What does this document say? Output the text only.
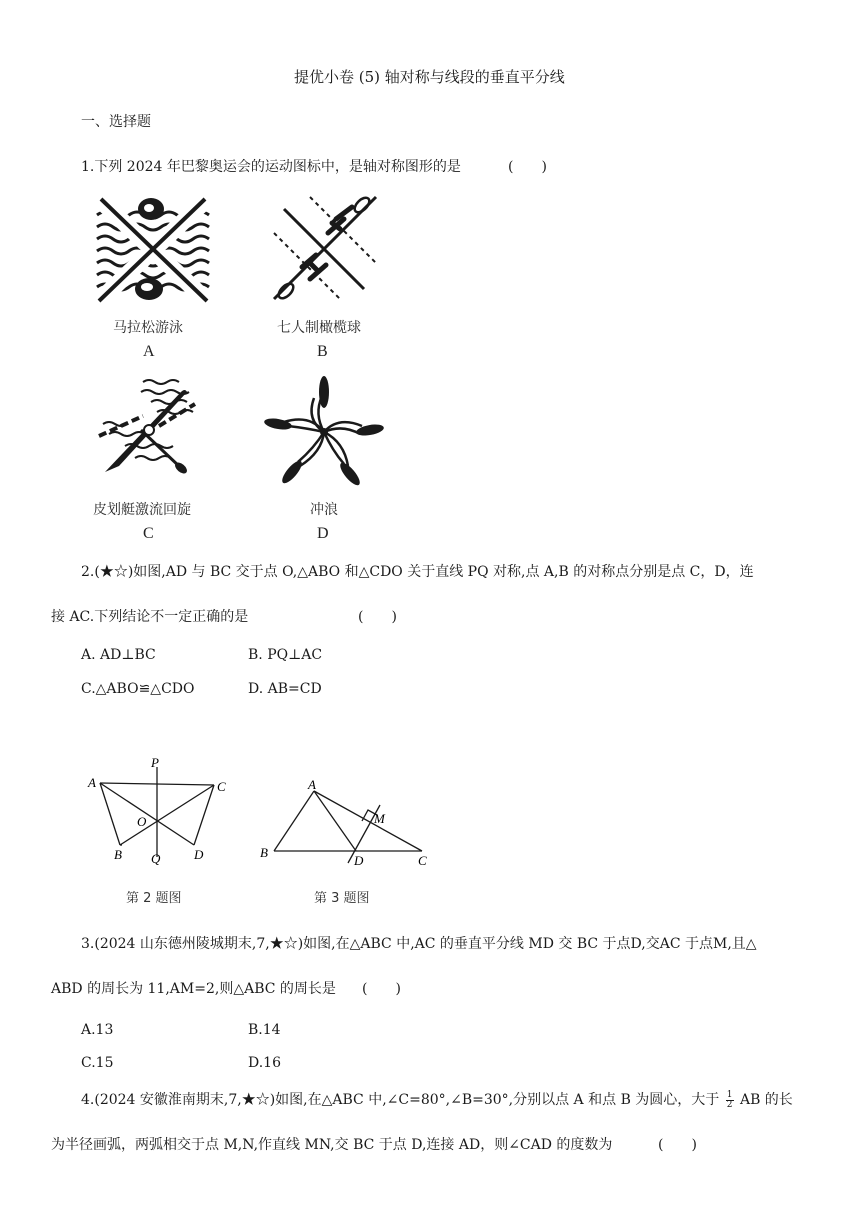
提优小卷 (5) 轴对称与线段的垂直平分线
一、选择题
1.下列 2024 年巴黎奥运会的运动图标中，是轴对称图形的是	(　　)
马拉松游泳
A
七人制橄榄球
B
皮划艇激流回旋
C
冲浪
D
2.(★☆)如图,AD 与 BC 交于点 O,△ABO 和△CDO 关于直线 PQ 对称,点 A,B 的对称点分别是点 C，D，连
接 AC.下列结论不一定正确的是	(　　)
A. AD⊥BC	B. PQ⊥AC
C.△ABO≌△CDO	D. AB=CD
A	C
B	D
O
P
Q
第 2 题图
A
B
C
D
M
第 3 题图
3.(2024 山东德州陵城期末,7,★☆)如图,在△ABC 中,AC 的垂直平分线 MD 交 BC 于点D,交AC 于点M,且△
ABD 的周长为 11,AM=2,则△ABC 的周长是 (　　)
A.13	B.14
C.15	D.16
4.(2024 安徽淮南期末,7,★☆)如图,在△ABC 中,∠C=80°,∠B=30°,分别以点 A 和点 B 为圆心，大于 $\frac{1}{2}$ AB 的长
为半径画弧，两弧相交于点 M,N,作直线 MN,交 BC 于点 D,连接 AD，则∠CAD 的度数为	(　　)
